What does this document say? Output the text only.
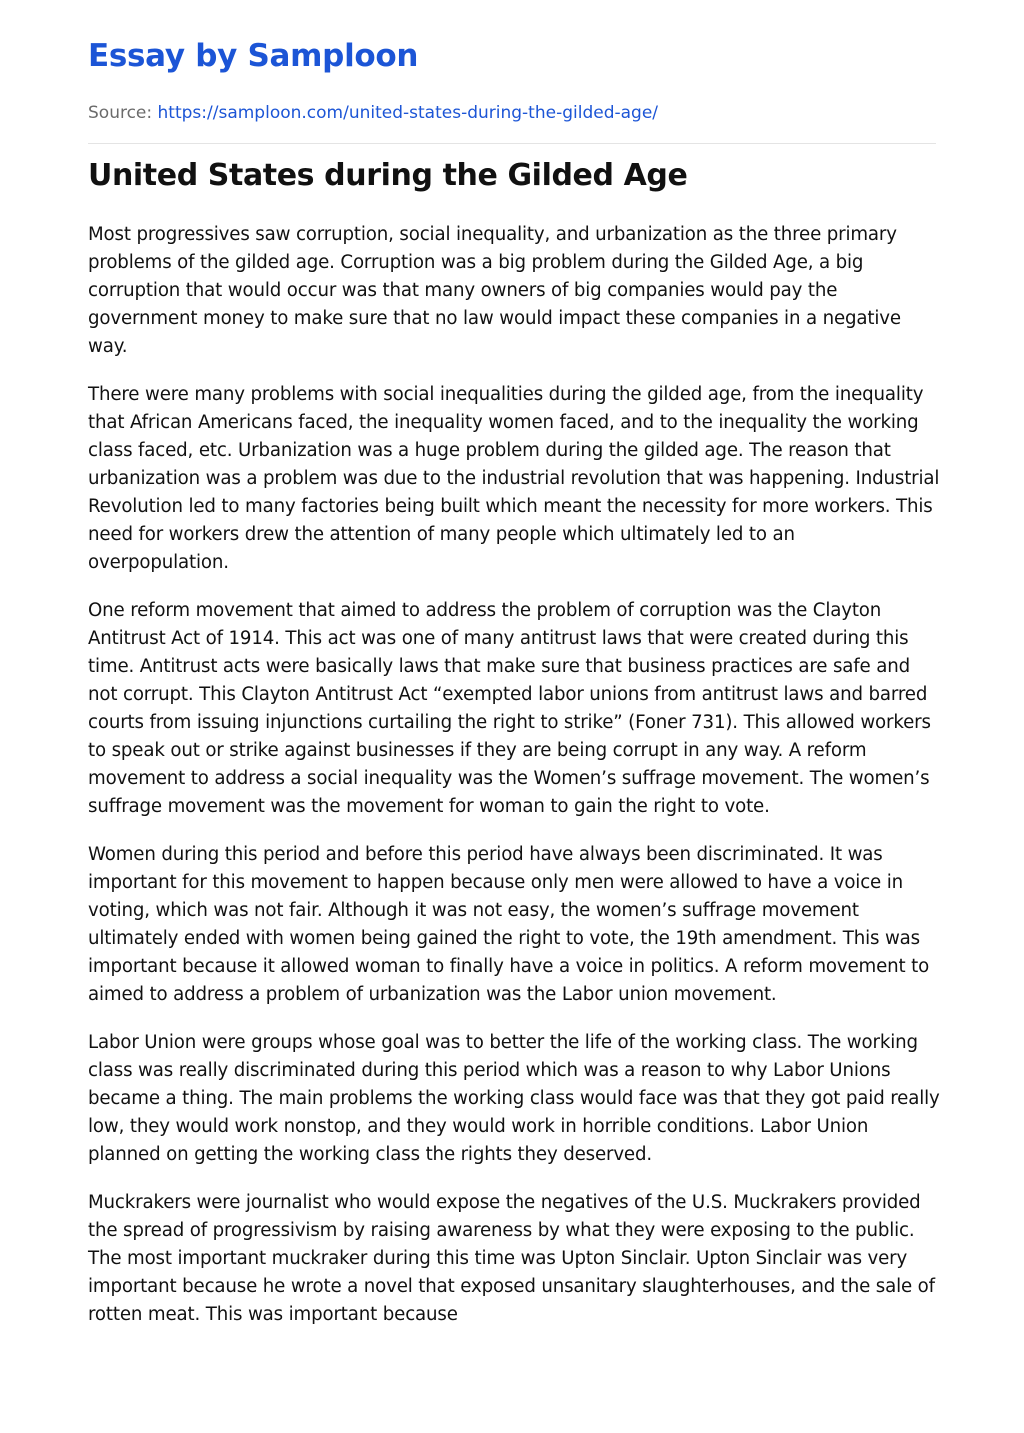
Essay by Samploon
Source: https://samploon.com/united-states-during-the-gilded-age/
United States during the Gilded Age

Most progressives saw corruption, social inequality, and urbanization as the three primary problems of the gilded age. Corruption was a big problem during the Gilded Age, a big corruption that would occur was that many owners of big companies would pay the government money to make sure that no law would impact these companies in a negative way.

There were many problems with social inequalities during the gilded age, from the inequality that African Americans faced, the inequality women faced, and to the inequality the working class faced, etc. Urbanization was a huge problem during the gilded age. The reason that urbanization was a problem was due to the industrial revolution that was happening. Industrial Revolution led to many factories being built which meant the necessity for more workers. This need for workers drew the attention of many people which ultimately led to an overpopulation.

One reform movement that aimed to address the problem of corruption was the Clayton Antitrust Act of 1914. This act was one of many antitrust laws that were created during this time. Antitrust acts were basically laws that make sure that business practices are safe and not corrupt. This Clayton Antitrust Act “exempted labor unions from antitrust laws and barred courts from issuing injunctions curtailing the right to strike” (Foner 731). This allowed workers to speak out or strike against businesses if they are being corrupt in any way. A reform movement to address a social inequality was the Women’s suffrage movement. The women’s suffrage movement was the movement for woman to gain the right to vote.

Women during this period and before this period have always been discriminated. It was important for this movement to happen because only men were allowed to have a voice in voting, which was not fair. Although it was not easy, the women’s suffrage movement ultimately ended with women being gained the right to vote, the 19th amendment. This was important because it allowed woman to finally have a voice in politics. A reform movement to aimed to address a problem of urbanization was the Labor union movement.

Labor Union were groups whose goal was to better the life of the working class. The working class was really discriminated during this period which was a reason to why Labor Unions became a thing. The main problems the working class would face was that they got paid really low, they would work nonstop, and they would work in horrible conditions. Labor Union planned on getting the working class the rights they deserved.

Muckrakers were journalist who would expose the negatives of the U.S. Muckrakers provided the spread of progressivism by raising awareness by what they were exposing to the public. The most important muckraker during this time was Upton Sinclair. Upton Sinclair was very important because he wrote a novel that exposed unsanitary slaughterhouses, and the sale of rotten meat. This was important because
